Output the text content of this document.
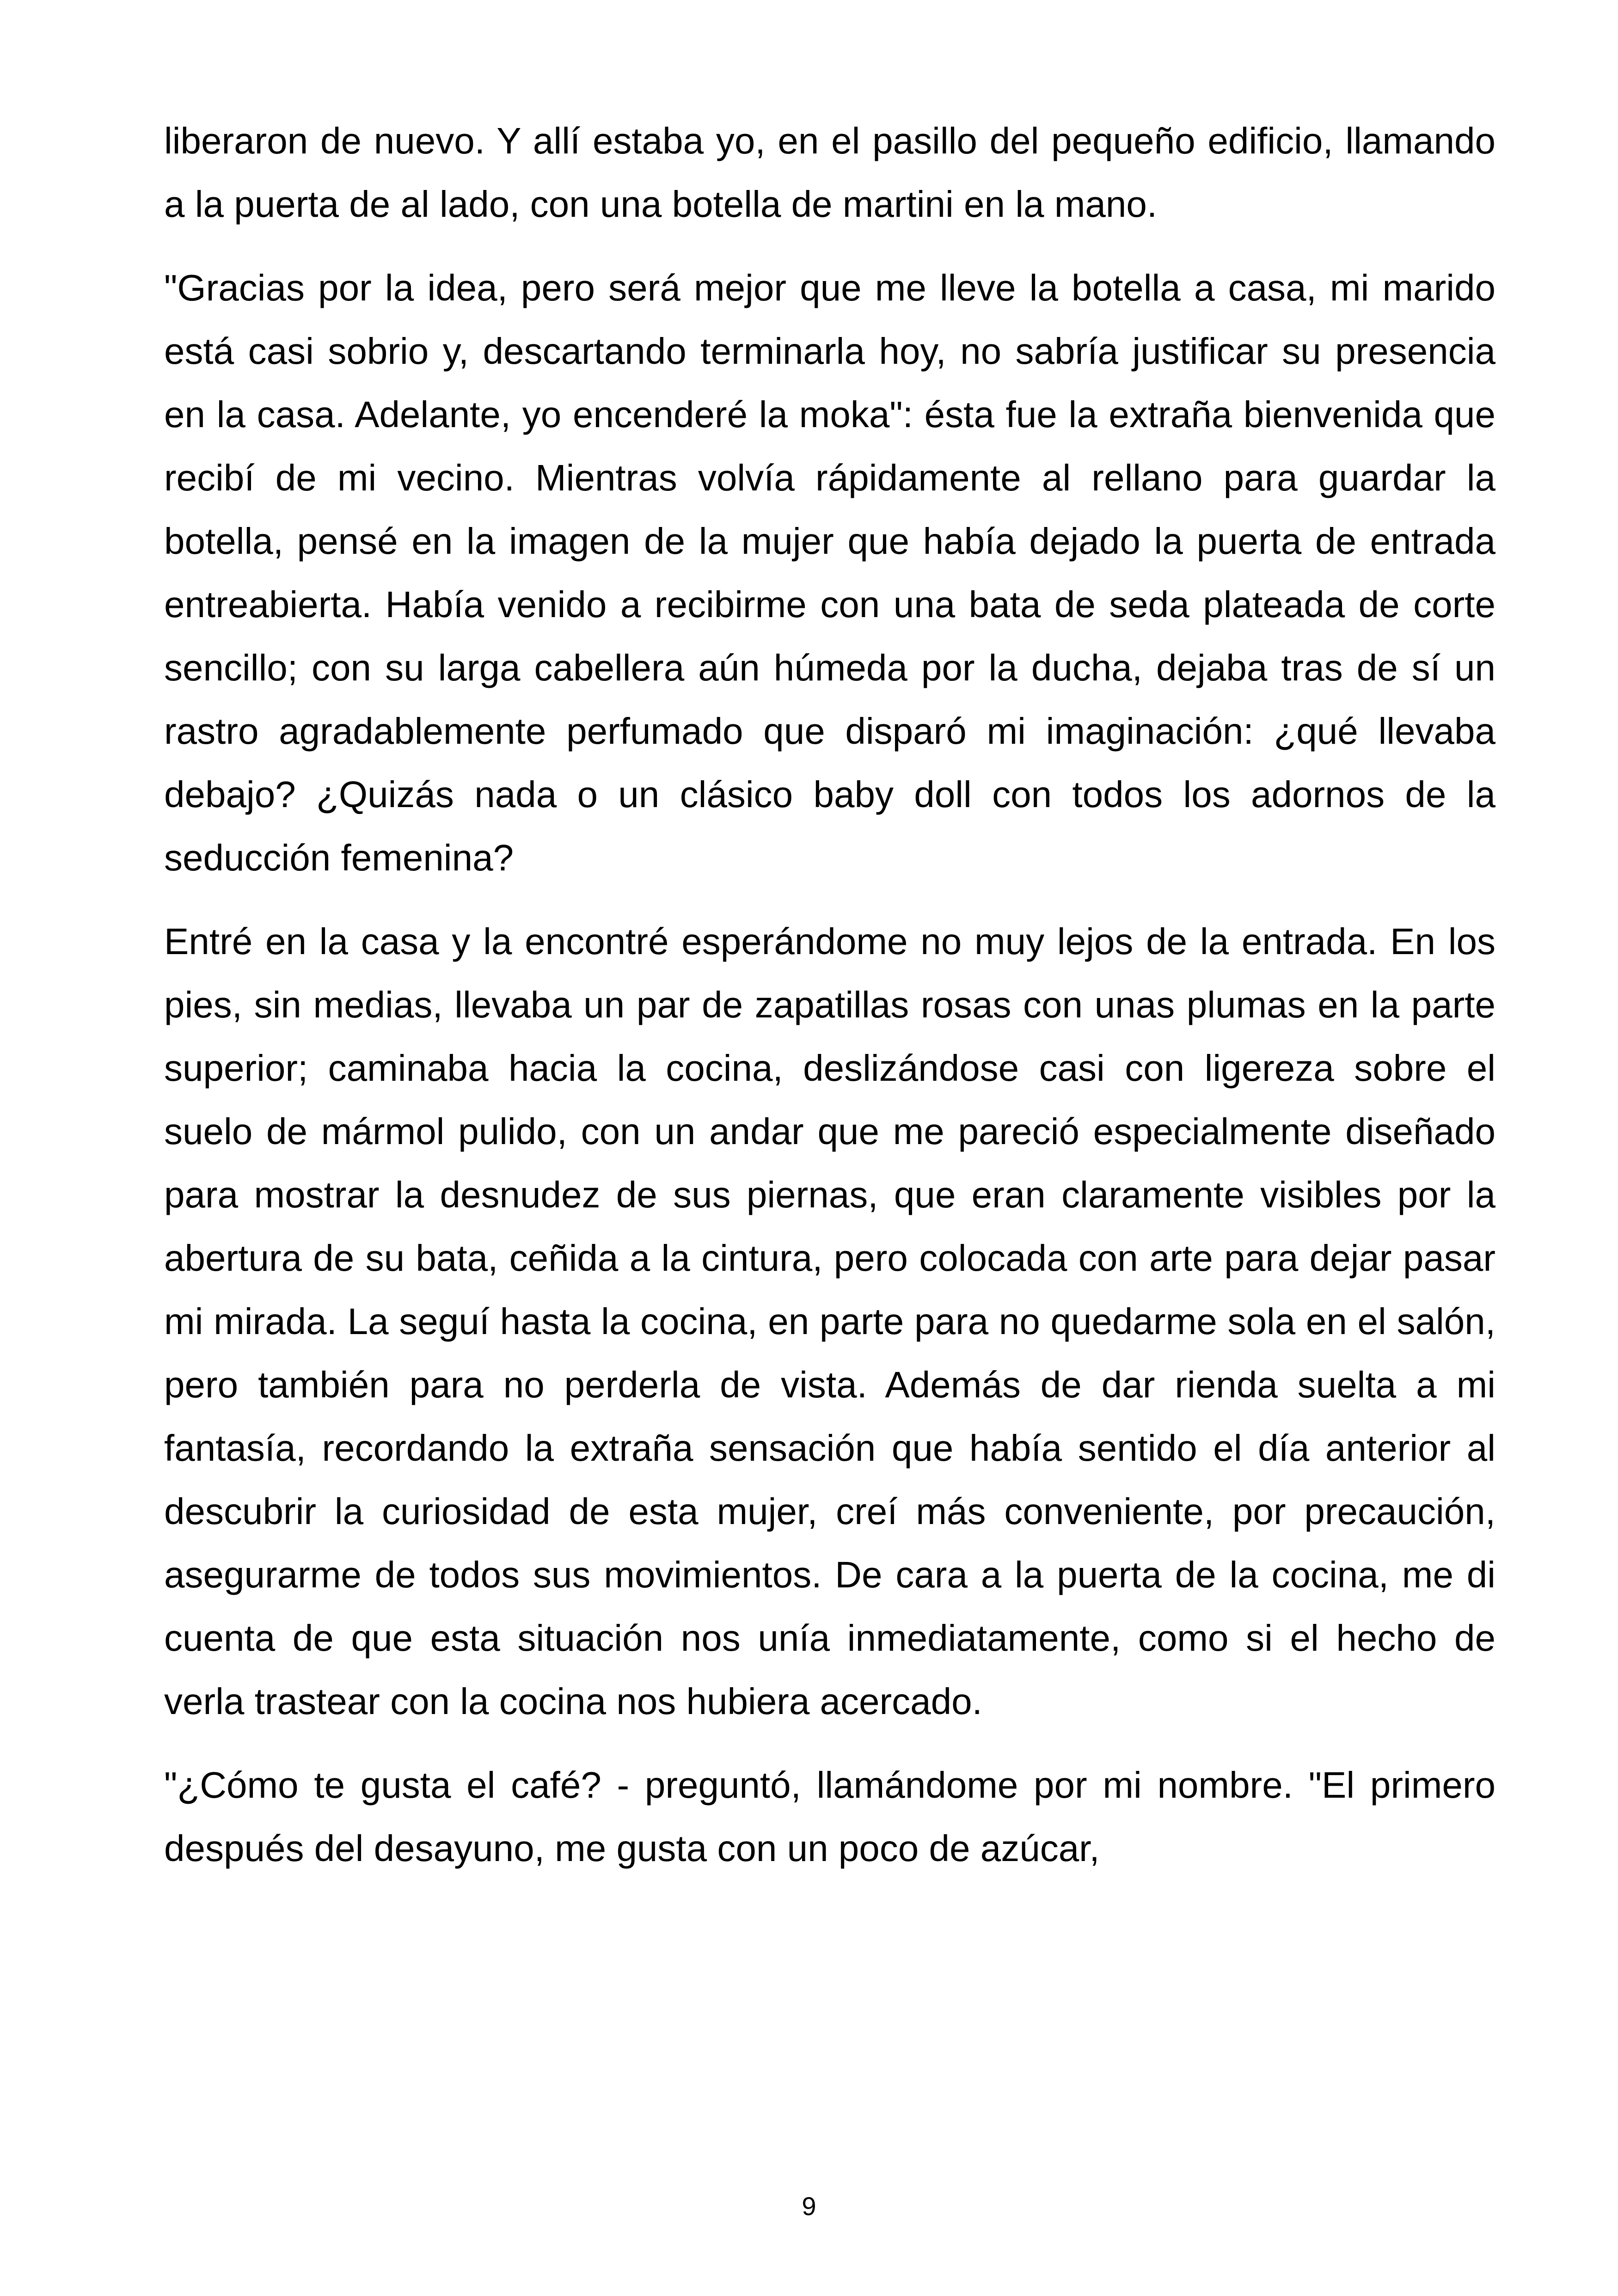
liberaron de nuevo. Y allí estaba yo, en el pasillo del pequeño edificio, llamando a la puerta de al lado, con una botella de martini en la mano.

"Gracias por la idea, pero será mejor que me lleve la botella a casa, mi marido está casi sobrio y, descartando terminarla hoy, no sabría justificar su presencia en la casa. Adelante, yo encenderé la moka": ésta fue la extraña bienvenida que recibí de mi vecino. Mientras volvía rápidamente al rellano para guardar la botella, pensé en la imagen de la mujer que había dejado la puerta de entrada entreabierta. Había venido a recibirme con una bata de seda plateada de corte sencillo; con su larga cabellera aún húmeda por la ducha, dejaba tras de sí un rastro agradablemente perfumado que disparó mi imaginación: ¿qué llevaba debajo? ¿Quizás nada o un clásico baby doll con todos los adornos de la seducción femenina?

Entré en la casa y la encontré esperándome no muy lejos de la entrada. En los pies, sin medias, llevaba un par de zapatillas rosas con unas plumas en la parte superior; caminaba hacia la cocina, deslizándose casi con ligereza sobre el suelo de mármol pulido, con un andar que me pareció especialmente diseñado para mostrar la desnudez de sus piernas, que eran claramente visibles por la abertura de su bata, ceñida a la cintura, pero colocada con arte para dejar pasar mi mirada. La seguí hasta la cocina, en parte para no quedarme sola en el salón, pero también para no perderla de vista. Además de dar rienda suelta a mi fantasía, recordando la extraña sensación que había sentido el día anterior al descubrir la curiosidad de esta mujer, creí más conveniente, por precaución, asegurarme de todos sus movimientos. De cara a la puerta de la cocina, me di cuenta de que esta situación nos unía inmediatamente, como si el hecho de verla trastear con la cocina nos hubiera acercado.

"¿Cómo te gusta el café? - preguntó, llamándome por mi nombre. "El primero después del desayuno, me gusta con un poco de azúcar,

9
